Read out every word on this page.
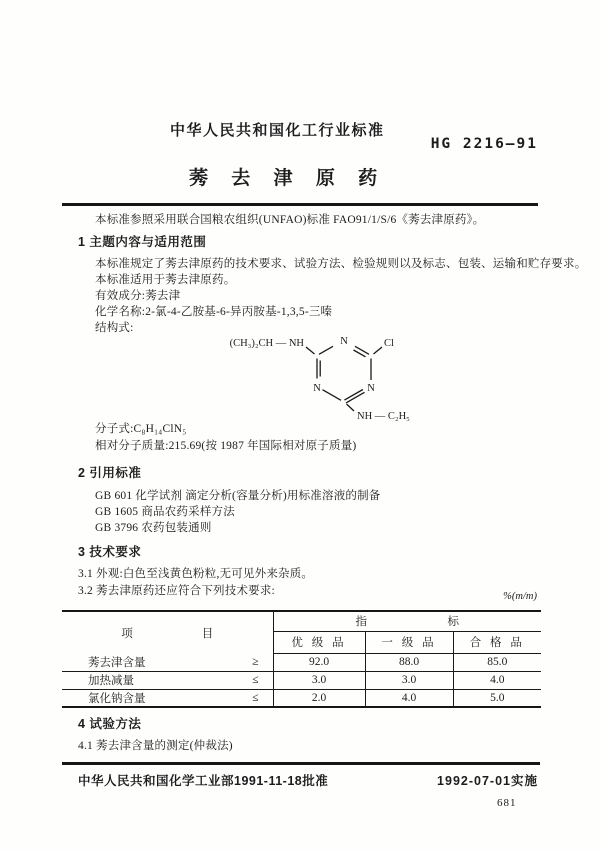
中华人民共和国化工行业标准
HG 2216—91
莠 去 津 原 药
本标准参照采用联合国粮农组织(UNFAO)标准 FAO91/1/S/6《莠去津原药》。
1 主题内容与适用范围
本标准规定了莠去津原药的技术要求、试验方法、检验规则以及标志、包装、运输和贮存要求。
本标准适用于莠去津原药。
有效成分:莠去津
化学名称:2-氯-4-乙胺基-6-异丙胺基-1,3,5-三嗪
结构式:
(CH₃)₂CH — NH	Cl
NH — C₂H₅
N
N	N
分子式:C₈H₁₄ClN₅
相对分子质量:215.69(按 1987 年国际相对原子质量)
2 引用标准
GB 601 化学试剂 滴定分析(容量分析)用标准溶液的制备
GB 1605 商品农药采样方法
GB 3796 农药包装通则
3 技术要求
3.1 外观:白色至浅黄色粉粒,无可见外来杂质。
3.2 莠去津原药还应符合下列技术要求:	%(m/m)
项　　　　　　目	指　　　　　　　标		
	优 级 品	一 级 品	合 格 品

莠去津含量 ≥	92.0	88.0	85.0

加热减量 ≤	3.0	3.0	4.0

氯化钠含量 ≤	2.0	4.0	5.0
4 试验方法
4.1 莠去津含量的测定(仲裁法)
中华人民共和国化学工业部1991-11-18批准	1992-07-01实施
681
